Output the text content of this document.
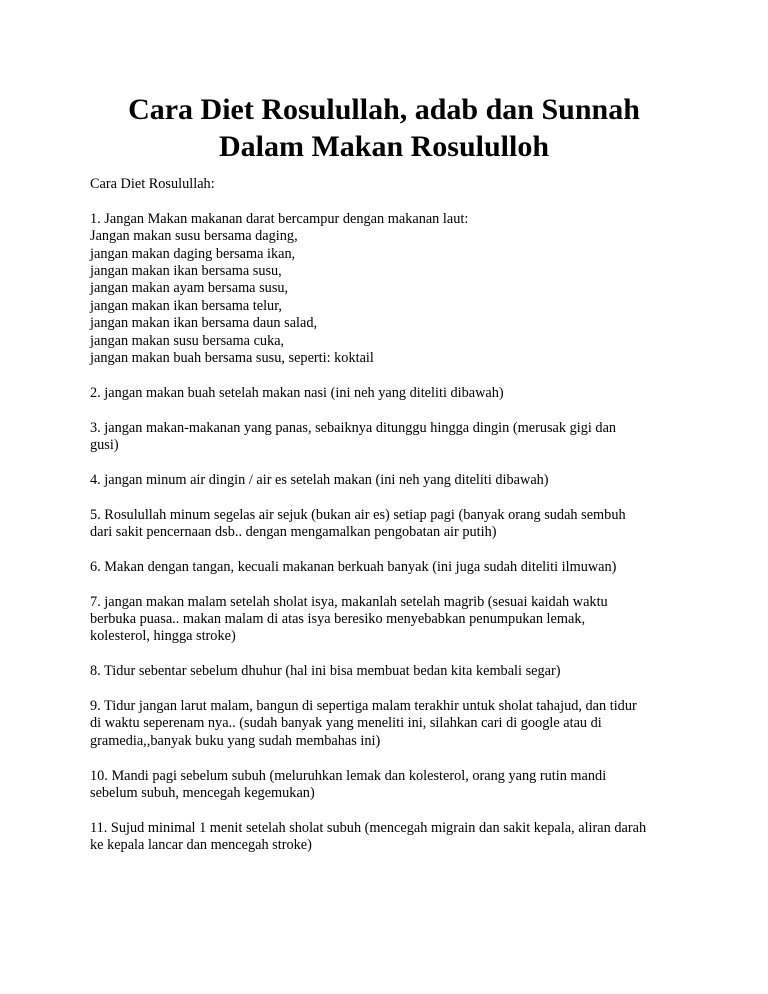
Cara Diet Rosulullah, adab dan Sunnah
Dalam Makan Rosululloh

Cara Diet Rosulullah:

1. Jangan Makan makanan darat bercampur dengan makanan laut:
Jangan makan susu bersama daging,
jangan makan daging bersama ikan,
jangan makan ikan bersama susu,
jangan makan ayam bersama susu,
jangan makan ikan bersama telur,
jangan makan ikan bersama daun salad,
jangan makan susu bersama cuka,
jangan makan buah bersama susu, seperti: koktail
2. jangan makan buah setelah makan nasi (ini neh yang diteliti dibawah)
3. jangan makan-makanan yang panas, sebaiknya ditunggu hingga dingin (merusak gigi dan
gusi)
4. jangan minum air dingin / air es setelah makan (ini neh yang diteliti dibawah)
5. Rosulullah minum segelas air sejuk (bukan air es) setiap pagi (banyak orang sudah sembuh
dari sakit pencernaan dsb.. dengan mengamalkan pengobatan air putih)
6. Makan dengan tangan, kecuali makanan berkuah banyak (ini juga sudah diteliti ilmuwan)
7. jangan makan malam setelah sholat isya, makanlah setelah magrib (sesuai kaidah waktu
berbuka puasa.. makan malam di atas isya beresiko menyebabkan penumpukan lemak,
kolesterol, hingga stroke)
8. Tidur sebentar sebelum dhuhur (hal ini bisa membuat bedan kita kembali segar)
9. Tidur jangan larut malam, bangun di sepertiga malam terakhir untuk sholat tahajud, dan tidur
di waktu seperenam nya.. (sudah banyak yang meneliti ini, silahkan cari di google atau di
gramedia,,banyak buku yang sudah membahas ini)
10. Mandi pagi sebelum subuh (meluruhkan lemak dan kolesterol, orang yang rutin mandi
sebelum subuh, mencegah kegemukan)
11. Sujud minimal 1 menit setelah sholat subuh (mencegah migrain dan sakit kepala, aliran darah
ke kepala lancar dan mencegah stroke)
